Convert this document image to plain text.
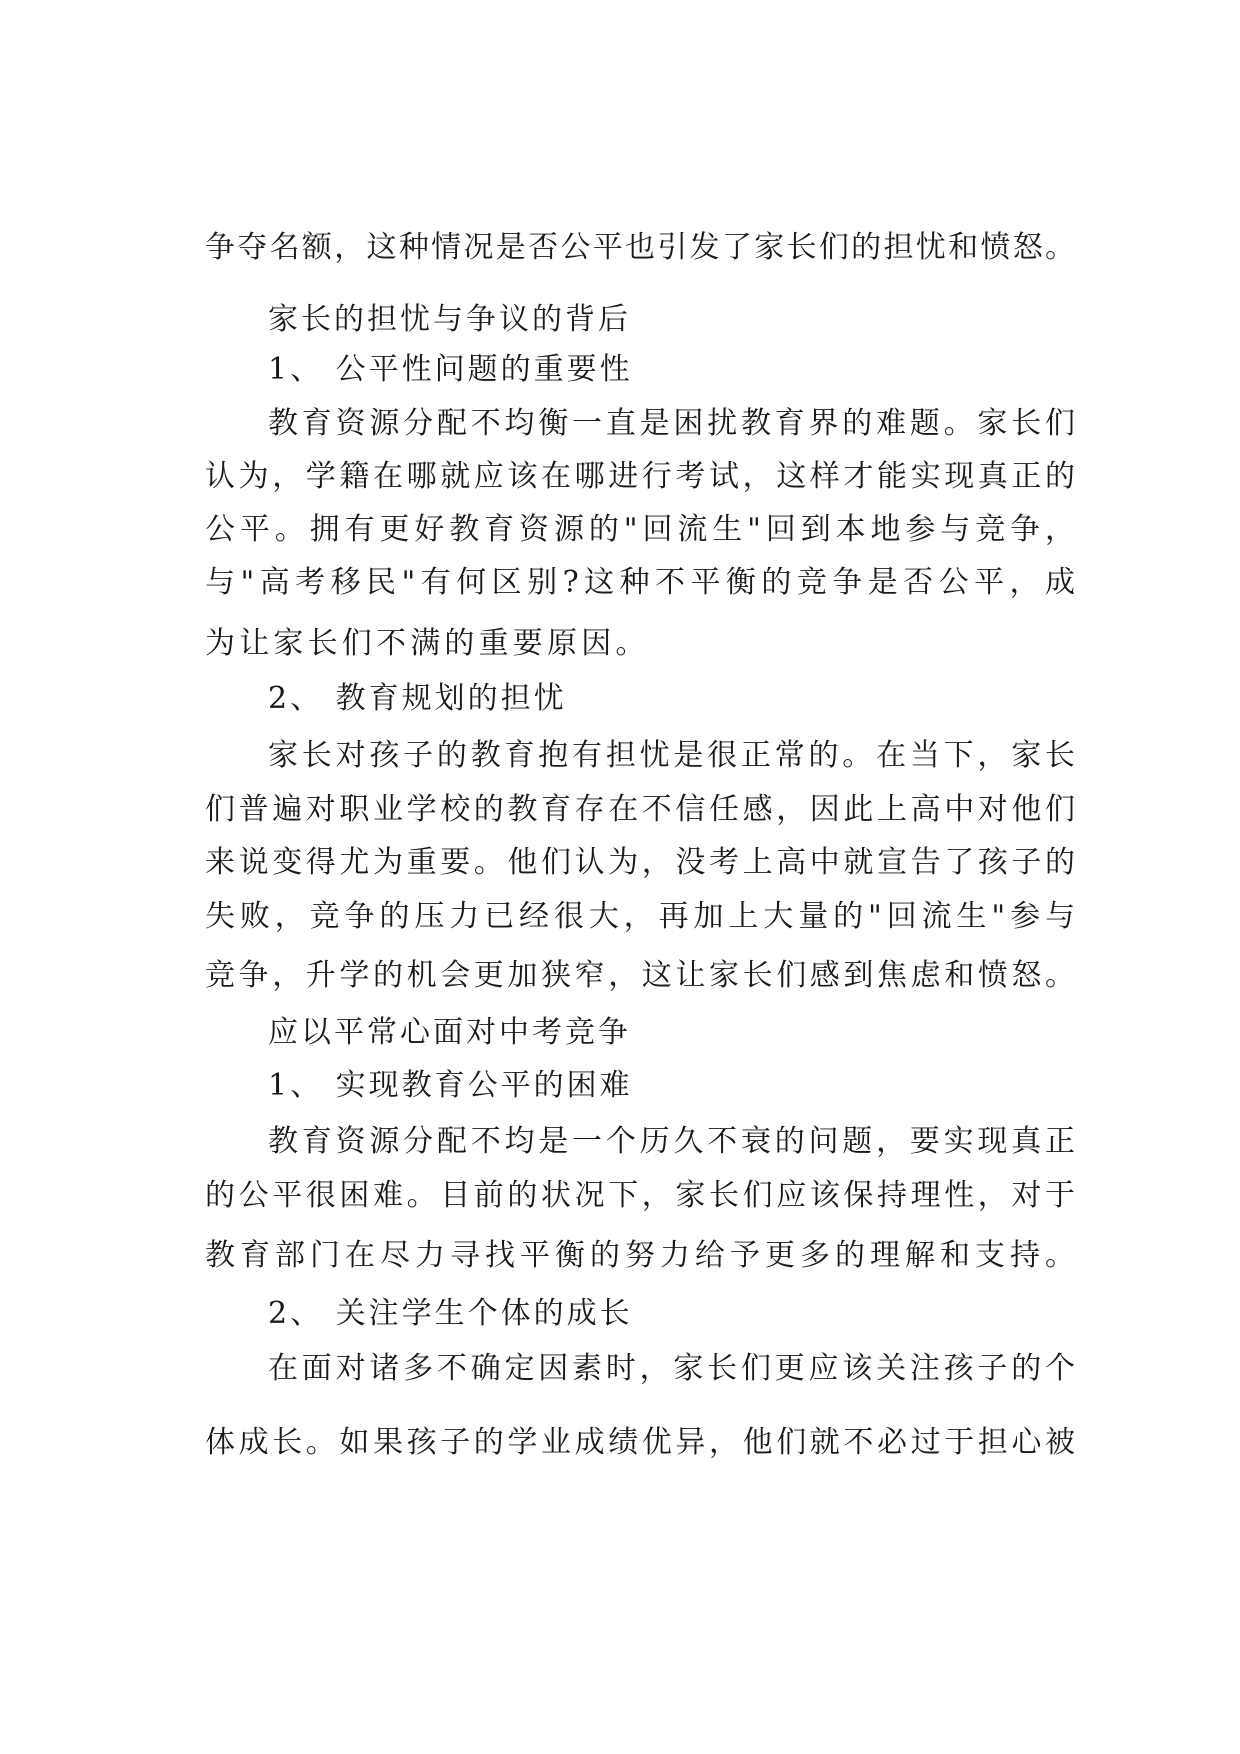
争夺名额，这种情况是否公平也引发了家长们的担忧和愤怒。
家长的担忧与争议的背后
1、 公平性问题的重要性
教育资源分配不均衡一直是困扰教育界的难题。家长们
认为，学籍在哪就应该在哪进行考试，这样才能实现真正的
公平。拥有更好教育资源的"回流生"回到本地参与竞争，
与"高考移民"有何区别?这种不平衡的竞争是否公平，成
为让家长们不满的重要原因。
2、 教育规划的担忧
家长对孩子的教育抱有担忧是很正常的。在当下，家长
们普遍对职业学校的教育存在不信任感，因此上高中对他们
来说变得尤为重要。他们认为，没考上高中就宣告了孩子的
失败，竞争的压力已经很大，再加上大量的"回流生"参与
竞争，升学的机会更加狭窄，这让家长们感到焦虑和愤怒。
应以平常心面对中考竞争
1、 实现教育公平的困难
教育资源分配不均是一个历久不衰的问题，要实现真正
的公平很困难。目前的状况下，家长们应该保持理性，对于
教育部门在尽力寻找平衡的努力给予更多的理解和支持。
2、 关注学生个体的成长
在面对诸多不确定因素时，家长们更应该关注孩子的个
体成长。如果孩子的学业成绩优异，他们就不必过于担心被
